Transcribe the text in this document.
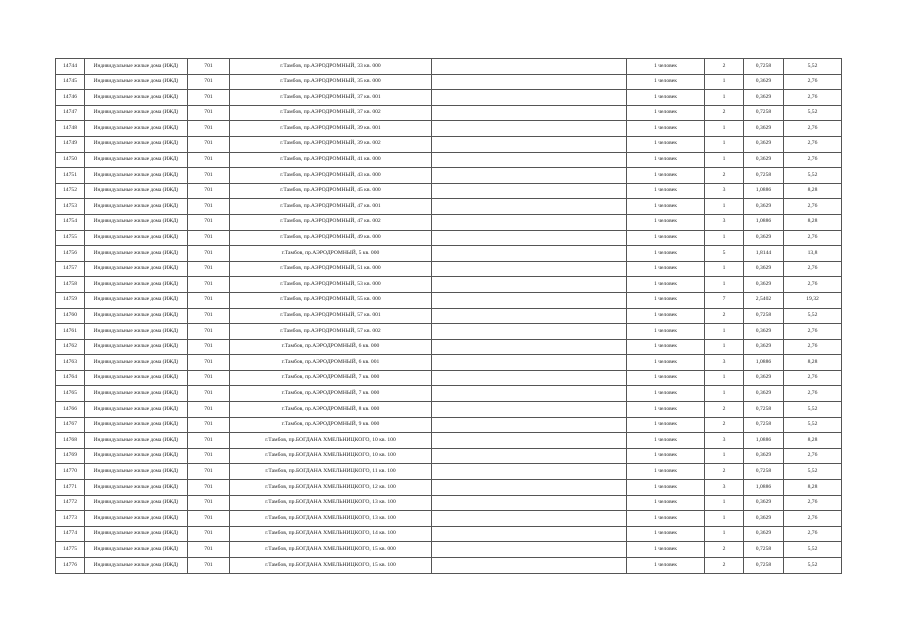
14744	Индивидуальные жилые дома (ИЖД)	701	г.Тамбов, пр.АЭРОДРОМНЫЙ, 33 кв. 000		1 человек	2	0,7258	5,52
14745	Индивидуальные жилые дома (ИЖД)	701	г.Тамбов, пр.АЭРОДРОМНЫЙ, 35 кв. 000		1 человек	1	0,3629	2,76
14746	Индивидуальные жилые дома (ИЖД)	701	г.Тамбов, пр.АЭРОДРОМНЫЙ, 37 кв. 001		1 человек	1	0,3629	2,76
14747	Индивидуальные жилые дома (ИЖД)	701	г.Тамбов, пр.АЭРОДРОМНЫЙ, 37 кв. 002		1 человек	2	0,7258	5,52
14748	Индивидуальные жилые дома (ИЖД)	701	г.Тамбов, пр.АЭРОДРОМНЫЙ, 39 кв. 001		1 человек	1	0,3629	2,76
14749	Индивидуальные жилые дома (ИЖД)	701	г.Тамбов, пр.АЭРОДРОМНЫЙ, 39 кв. 002		1 человек	1	0,3629	2,76
14750	Индивидуальные жилые дома (ИЖД)	701	г.Тамбов, пр.АЭРОДРОМНЫЙ, 41 кв. 000		1 человек	1	0,3629	2,76
14751	Индивидуальные жилые дома (ИЖД)	701	г.Тамбов, пр.АЭРОДРОМНЫЙ, 43 кв. 000		1 человек	2	0,7258	5,52
14752	Индивидуальные жилые дома (ИЖД)	701	г.Тамбов, пр.АЭРОДРОМНЫЙ, 45 кв. 000		1 человек	3	1,0886	8,28
14753	Индивидуальные жилые дома (ИЖД)	701	г.Тамбов, пр.АЭРОДРОМНЫЙ, 47 кв. 001		1 человек	1	0,3629	2,76
14754	Индивидуальные жилые дома (ИЖД)	701	г.Тамбов, пр.АЭРОДРОМНЫЙ, 47 кв. 002		1 человек	3	1,0886	8,28
14755	Индивидуальные жилые дома (ИЖД)	701	г.Тамбов, пр.АЭРОДРОМНЫЙ, 49 кв. 000		1 человек	1	0,3629	2,76
14756	Индивидуальные жилые дома (ИЖД)	701	г.Тамбов, пр.АЭРОДРОМНЫЙ, 5 кв. 000		1 человек	5	1,8144	13,8
14757	Индивидуальные жилые дома (ИЖД)	701	г.Тамбов, пр.АЭРОДРОМНЫЙ, 51 кв. 000		1 человек	1	0,3629	2,76
14758	Индивидуальные жилые дома (ИЖД)	701	г.Тамбов, пр.АЭРОДРОМНЫЙ, 53 кв. 000		1 человек	1	0,3629	2,76
14759	Индивидуальные жилые дома (ИЖД)	701	г.Тамбов, пр.АЭРОДРОМНЫЙ, 55 кв. 000		1 человек	7	2,5402	19,32
14760	Индивидуальные жилые дома (ИЖД)	701	г.Тамбов, пр.АЭРОДРОМНЫЙ, 57 кв. 001		1 человек	2	0,7258	5,52
14761	Индивидуальные жилые дома (ИЖД)	701	г.Тамбов, пр.АЭРОДРОМНЫЙ, 57 кв. 002		1 человек	1	0,3629	2,76
14762	Индивидуальные жилые дома (ИЖД)	701	г.Тамбов, пр.АЭРОДРОМНЫЙ, 6 кв. 000		1 человек	1	0,3629	2,76
14763	Индивидуальные жилые дома (ИЖД)	701	г.Тамбов, пр.АЭРОДРОМНЫЙ, 6 кв. 001		1 человек	3	1,0886	8,28
14764	Индивидуальные жилые дома (ИЖД)	701	г.Тамбов, пр.АЭРОДРОМНЫЙ, 7 кв. 000		1 человек	1	0,3629	2,76
14765	Индивидуальные жилые дома (ИЖД)	701	г.Тамбов, пр.АЭРОДРОМНЫЙ, 7 кв. 000		1 человек	1	0,3629	2,76
14766	Индивидуальные жилые дома (ИЖД)	701	г.Тамбов, пр.АЭРОДРОМНЫЙ, 8 кв. 000		1 человек	2	0,7258	5,52
14767	Индивидуальные жилые дома (ИЖД)	701	г.Тамбов, пр.АЭРОДРОМНЫЙ, 9 кв. 000		1 человек	2	0,7258	5,52
14768	Индивидуальные жилые дома (ИЖД)	701	г.Тамбов, пр.БОГДАНА ХМЕЛЬНИЦКОГО, 10 кв. 100		1 человек	3	1,0886	8,28
14769	Индивидуальные жилые дома (ИЖД)	701	г.Тамбов, пр.БОГДАНА ХМЕЛЬНИЦКОГО, 10 кв. 100		1 человек	1	0,3629	2,76
14770	Индивидуальные жилые дома (ИЖД)	701	г.Тамбов, пр.БОГДАНА ХМЕЛЬНИЦКОГО, 11 кв. 100		1 человек	2	0,7258	5,52
14771	Индивидуальные жилые дома (ИЖД)	701	г.Тамбов, пр.БОГДАНА ХМЕЛЬНИЦКОГО, 12 кв. 100		1 человек	3	1,0886	8,28
14772	Индивидуальные жилые дома (ИЖД)	701	г.Тамбов, пр.БОГДАНА ХМЕЛЬНИЦКОГО, 13 кв. 100		1 человек	1	0,3629	2,76
14773	Индивидуальные жилые дома (ИЖД)	701	г.Тамбов, пр.БОГДАНА ХМЕЛЬНИЦКОГО, 13 кв. 100		1 человек	1	0,3629	2,76
14774	Индивидуальные жилые дома (ИЖД)	701	г.Тамбов, пр.БОГДАНА ХМЕЛЬНИЦКОГО, 14 кв. 100		1 человек	1	0,3629	2,76
14775	Индивидуальные жилые дома (ИЖД)	701	г.Тамбов, пр.БОГДАНА ХМЕЛЬНИЦКОГО, 15 кв. 000		1 человек	2	0,7258	5,52
14776	Индивидуальные жилые дома (ИЖД)	701	г.Тамбов, пр.БОГДАНА ХМЕЛЬНИЦКОГО, 15 кв. 100		1 человек	2	0,7258	5,52
